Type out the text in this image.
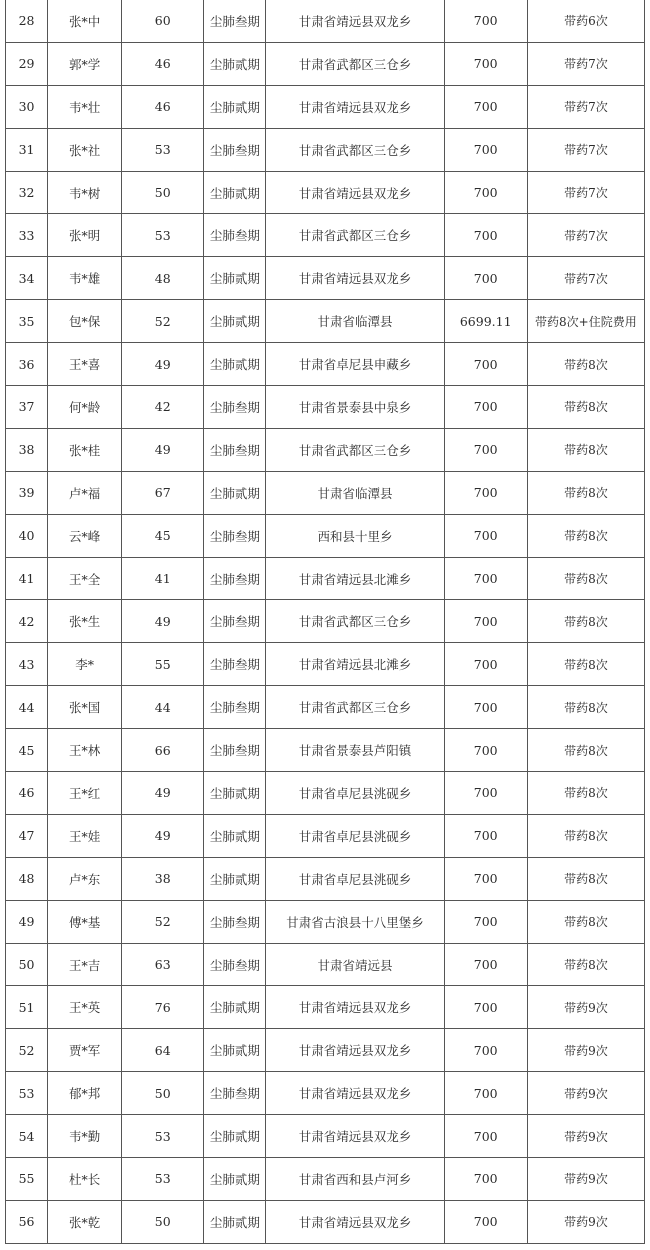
28	张*中	60	尘肺叁期	甘肃省靖远县双龙乡	700	带药6次
29	郭*学	46	尘肺贰期	甘肃省武都区三仓乡	700	带药7次
30	韦*壮	46	尘肺贰期	甘肃省靖远县双龙乡	700	带药7次
31	张*社	53	尘肺叁期	甘肃省武都区三仓乡	700	带药7次
32	韦*树	50	尘肺贰期	甘肃省靖远县双龙乡	700	带药7次
33	张*明	53	尘肺叁期	甘肃省武都区三仓乡	700	带药7次
34	韦*雄	48	尘肺贰期	甘肃省靖远县双龙乡	700	带药7次
35	包*保	52	尘肺贰期	甘肃省临潭县	6699.11	带药8次+住院费用
36	王*喜	49	尘肺贰期	甘肃省卓尼县申藏乡	700	带药8次
37	何*龄	42	尘肺叁期	甘肃省景泰县中泉乡	700	带药8次
38	张*桂	49	尘肺叁期	甘肃省武都区三仓乡	700	带药8次
39	卢*福	67	尘肺贰期	甘肃省临潭县	700	带药8次
40	云*峰	45	尘肺叁期	西和县十里乡	700	带药8次
41	王*全	41	尘肺叁期	甘肃省靖远县北滩乡	700	带药8次
42	张*生	49	尘肺叁期	甘肃省武都区三仓乡	700	带药8次
43	李*	55	尘肺叁期	甘肃省靖远县北滩乡	700	带药8次
44	张*国	44	尘肺叁期	甘肃省武都区三仓乡	700	带药8次
45	王*林	66	尘肺叁期	甘肃省景泰县芦阳镇	700	带药8次
46	王*红	49	尘肺贰期	甘肃省卓尼县洮砚乡	700	带药8次
47	王*娃	49	尘肺贰期	甘肃省卓尼县洮砚乡	700	带药8次
48	卢*东	38	尘肺贰期	甘肃省卓尼县洮砚乡	700	带药8次
49	傅*基	52	尘肺叁期	甘肃省古浪县十八里堡乡	700	带药8次
50	王*吉	63	尘肺叁期	甘肃省靖远县	700	带药8次
51	王*英	76	尘肺贰期	甘肃省靖远县双龙乡	700	带药9次
52	贾*军	64	尘肺贰期	甘肃省靖远县双龙乡	700	带药9次
53	郁*邦	50	尘肺叁期	甘肃省靖远县双龙乡	700	带药9次
54	韦*勤	53	尘肺贰期	甘肃省靖远县双龙乡	700	带药9次
55	杜*长	53	尘肺贰期	甘肃省西和县卢河乡	700	带药9次
56	张*乾	50	尘肺贰期	甘肃省靖远县双龙乡	700	带药9次
